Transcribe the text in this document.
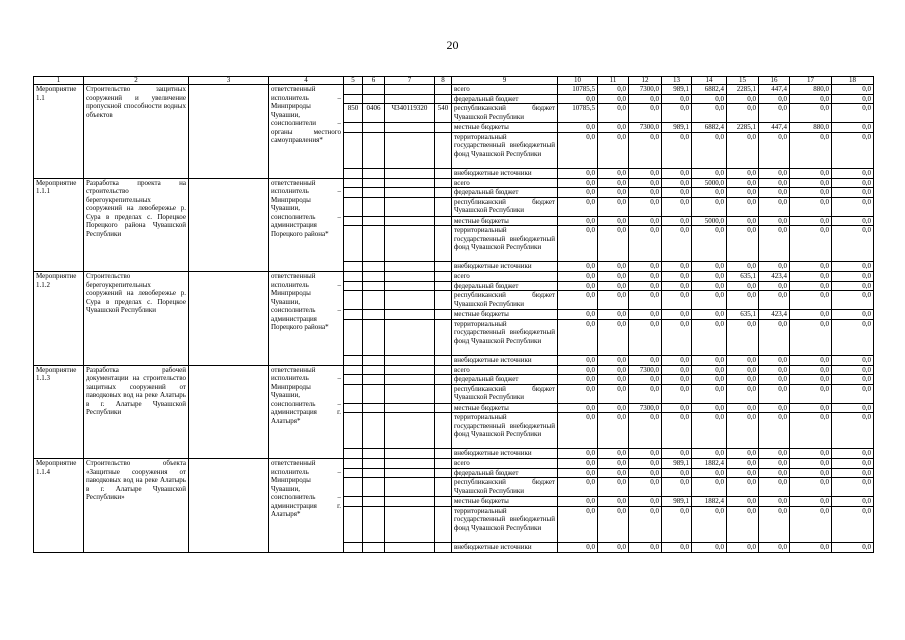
20
1	2	3	4	5	6	7	8	9	10	11	12	13	14	15	16	17	18
Мероприятие 1.1	Строительство защитных сооружений и увеличение пропускной способности водных объектов		ответственный исполнитель – Минприроды Чувашии, соисполнители – органы местного самоуправления*					всего	10785,5	0,0	7300,0	989,1	6882,4	2285,1	447,4	880,0	0,0
								федеральный бюджет	0,0	0,0	0,0	0,0	0,0	0,0	0,0	0,0	0,0
				850	0406	Ч340119320	540	республиканский бюджет Чувашской Республики	10785,5	0,0	0,0	0,0	0,0	0,0	0,0	0,0	0,0
								местные бюджеты	0,0	0,0	7300,0	989,1	6882,4	2285,1	447,4	880,0	0,0
								территориальный государственный внебюджетный фонд Чувашской Республики	0,0	0,0	0,0	0,0	0,0	0,0	0,0	0,0	0,0
								внебюджетные источники	0,0	0,0	0,0	0,0	0,0	0,0	0,0	0,0	0,0
Мероприятие 1.1.1	Разработка проекта на строительство берегоукрепительных сооружений на левобережье р. Сура в пределах с. Порецкое Порецкого района Чувашской Республики		ответственный исполнитель – Минприроды Чувашии, соисполнитель – администрация Порецкого района*					всего	0,0	0,0	0,0	0,0	5000,0	0,0	0,0	0,0	0,0
								федеральный бюджет	0,0	0,0	0,0	0,0	0,0	0,0	0,0	0,0	0,0
								республиканский бюджет Чувашской Республики	0,0	0,0	0,0	0,0	0,0	0,0	0,0	0,0	0,0
								местные бюджеты	0,0	0,0	0,0	0,0	5000,0	0,0	0,0	0,0	0,0
								территориальный государственный внебюджетный фонд Чувашской Республики	0,0	0,0	0,0	0,0	0,0	0,0	0,0	0,0	0,0
								внебюджетные источники	0,0	0,0	0,0	0,0	0,0	0,0	0,0	0,0	0,0
Мероприятие 1.1.2	Строительство берегоукрепительных сооружений на левобережье р. Сура в пределах с. Порецкое Чувашской Республики		ответственный исполнитель – Минприроды Чувашии, соисполнитель – администрация Порецкого района*					всего	0,0	0,0	0,0	0,0	0,0	635,1	423,4	0,0	0,0
								федеральный бюджет	0,0	0,0	0,0	0,0	0,0	0,0	0,0	0,0	0,0
								республиканский бюджет Чувашской Республики	0,0	0,0	0,0	0,0	0,0	0,0	0,0	0,0	0,0
								местные бюджеты	0,0	0,0	0,0	0,0	0,0	635,1	423,4	0,0	0,0
								территориальный государственный внебюджетный фонд Чувашской Республики	0,0	0,0	0,0	0,0	0,0	0,0	0,0	0,0	0,0
								внебюджетные источники	0,0	0,0	0,0	0,0	0,0	0,0	0,0	0,0	0,0
Мероприятие 1.1.3	Разработка рабочей документации на строительство защитных сооружений от паводковых вод на реке Алатырь в г. Алатыре Чувашской Республики		ответственный исполнитель – Минприроды Чувашии, соисполнитель – администрация г. Алатыря*					всего	0,0	0,0	7300,0	0,0	0,0	0,0	0,0	0,0	0,0
								федеральный бюджет	0,0	0,0	0,0	0,0	0,0	0,0	0,0	0,0	0,0
								республиканский бюджет Чувашской Республики	0,0	0,0	0,0	0,0	0,0	0,0	0,0	0,0	0,0
								местные бюджеты	0,0	0,0	7300,0	0,0	0,0	0,0	0,0	0,0	0,0
								территориальный государственный внебюджетный фонд Чувашской Республики	0,0	0,0	0,0	0,0	0,0	0,0	0,0	0,0	0,0
								внебюджетные источники	0,0	0,0	0,0	0,0	0,0	0,0	0,0	0,0	0,0
Мероприятие 1.1.4	Строительство объекта «Защитные сооружения от паводковых вод на реке Алатырь в г. Алатыре Чувашской Республики»		ответственный исполнитель – Минприроды Чувашии, соисполнитель – администрация г. Алатыря*					всего	0,0	0,0	0,0	989,1	1882,4	0,0	0,0	0,0	0,0
								федеральный бюджет	0,0	0,0	0,0	0,0	0,0	0,0	0,0	0,0	0,0
								республиканский бюджет Чувашской Республики	0,0	0,0	0,0	0,0	0,0	0,0	0,0	0,0	0,0
								местные бюджеты	0,0	0,0	0,0	989,1	1882,4	0,0	0,0	0,0	0,0
								территориальный государственный внебюджетный фонд Чувашской Республики	0,0	0,0	0,0	0,0	0,0	0,0	0,0	0,0	0,0
								внебюджетные источники	0,0	0,0	0,0	0,0	0,0	0,0	0,0	0,0	0,0
